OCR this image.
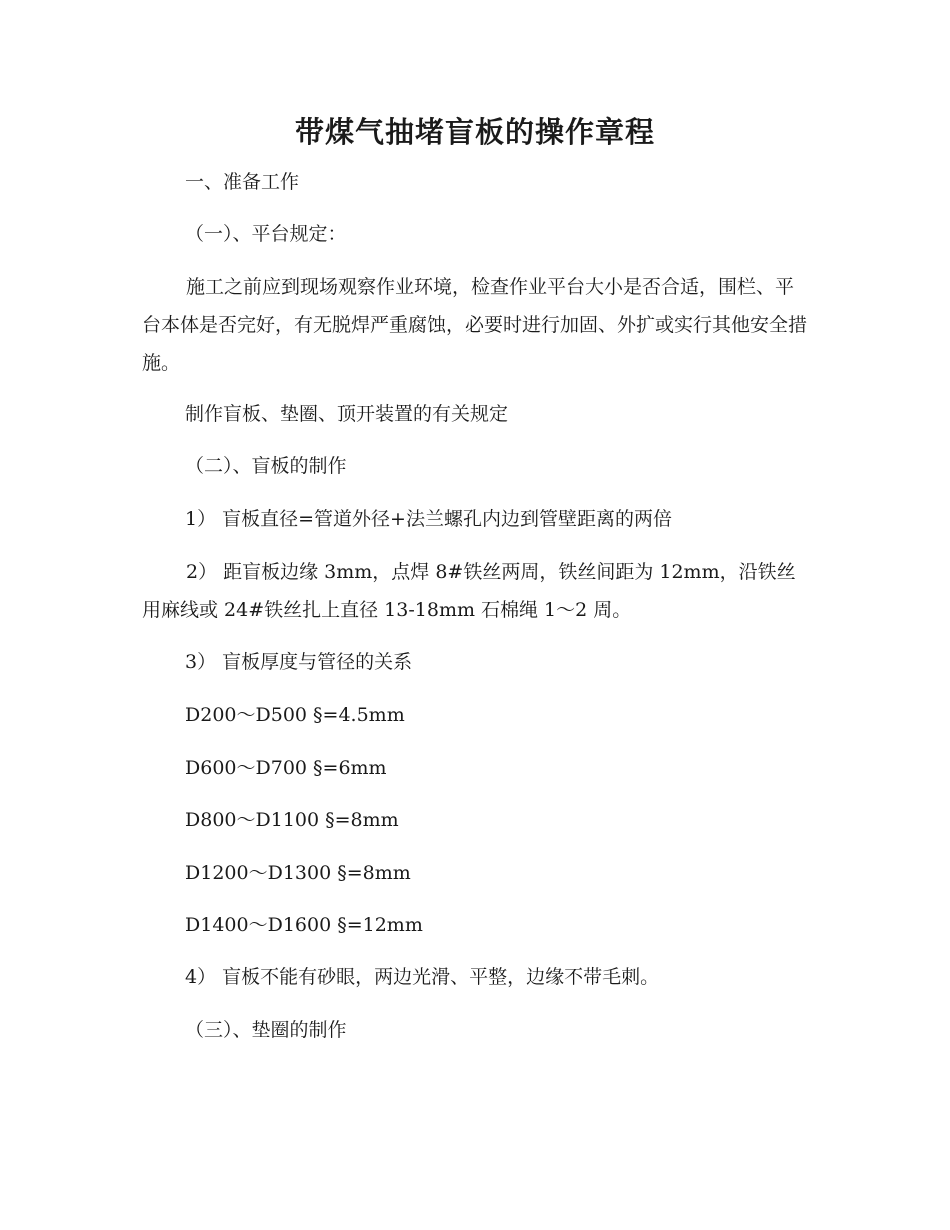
带煤气抽堵盲板的操作章程
一、准备工作
（一）、平台规定：
施工之前应到现场观察作业环境，检查作业平台大小是否合适，围栏、平台本体是否完好，有无脱焊严重腐蚀，必要时进行加固、外扩或实行其他安全措施。
制作盲板、垫圈、顶开装置的有关规定
（二）、盲板的制作
1） 盲板直径=管道外径+法兰螺孔内边到管壁距离的两倍
2） 距盲板边缘 3mm，点焊 8#铁丝两周，铁丝间距为 12mm，沿铁丝用麻线或 24#铁丝扎上直径 13-18mm 石棉绳 1～2 周。
3） 盲板厚度与管径的关系
D200～D500 §=4.5mm
D600～D700 §=6mm
D800～D1100 §=8mm
D1200～D1300 §=8mm
D1400～D1600 §=12mm
4） 盲板不能有砂眼，两边光滑、平整，边缘不带毛刺。
（三）、垫圈的制作
